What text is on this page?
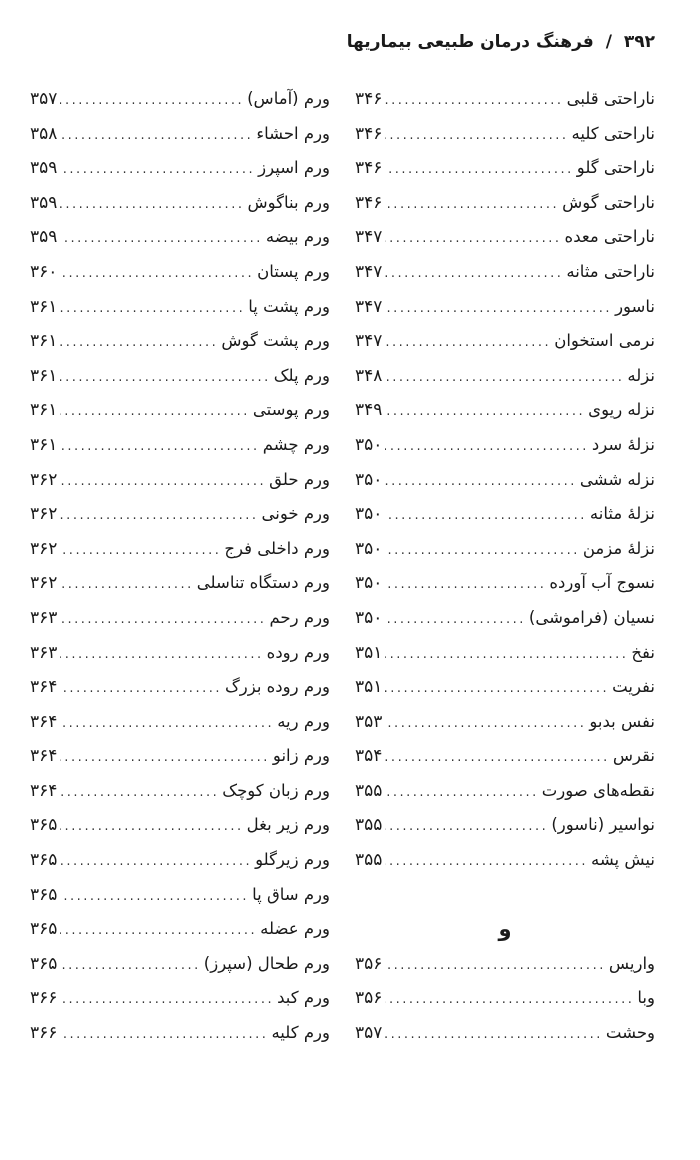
۳۹۲ / فرهنگ درمان طبیعی بیماریها
ناراحتی قلبی
.....
۳۴۶
ناراحتی کلیه
.....
۳۴۶
ناراحتی گلو
.....
۳۴۶
ناراحتی گوش
.....
۳۴۶
ناراحتی معده
.....
۳۴۷
ناراحتی مثانه
.....
۳۴۷
ناسور
.....
۳۴۷
نرمی استخوان
.....
۳۴۷
نزله
.....
۳۴۸
نزله ریوی
.....
۳۴۹
نزلهٔ سرد
.....
۳۵۰
نزله ششی
.....
۳۵۰
نزلهٔ مثانه
.....
۳۵۰
نزلهٔ مزمن
.....
۳۵۰
نسوج آب آورده
.....
۳۵۰
نسیان (فراموشی)
.....
۳۵۰
نفخ
.....
۳۵۱
نفریت
.....
۳۵۱
نفس بدبو
.....
۳۵۳
نقرس
.....
۳۵۴
نقطه‌های صورت
.....
۳۵۵
نواسیر (ناسور)
.....
۳۵۵
نیش پشه
.....
۳۵۵
و
واریس
.....
۳۵۶
وبا
.....
۳۵۶
وحشت
.....
۳۵۷
ورم (آماس)
.....
۳۵۷
ورم احشاء
.....
۳۵۸
ورم اسپرز
.....
۳۵۹
ورم بناگوش
.....
۳۵۹
ورم بیضه
.....
۳۵۹
ورم پستان
.....
۳۶۰
ورم پشت پا
.....
۳۶۱
ورم پشت گوش
.....
۳۶۱
ورم پلک
.....
۳۶۱
ورم پوستی
.....
۳۶۱
ورم چشم
.....
۳۶۱
ورم حلق
.....
۳۶۲
ورم خونی
.....
۳۶۲
ورم داخلی فرج
.....
۳۶۲
ورم دستگاه تناسلی
.....
۳۶۲
ورم رحم
.....
۳۶۳
ورم روده
.....
۳۶۳
ورم روده بزرگ
.....
۳۶۴
ورم ریه
.....
۳۶۴
ورم زانو
.....
۳۶۴
ورم زبان کوچک
.....
۳۶۴
ورم زیر بغل
.....
۳۶۵
ورم زیرگلو
.....
۳۶۵
ورم ساق پا
.....
۳۶۵
ورم عضله
.....
۳۶۵
ورم طحال (سپرز)
.....
۳۶۵
ورم کبد
.....
۳۶۶
ورم کلیه
.....
۳۶۶
